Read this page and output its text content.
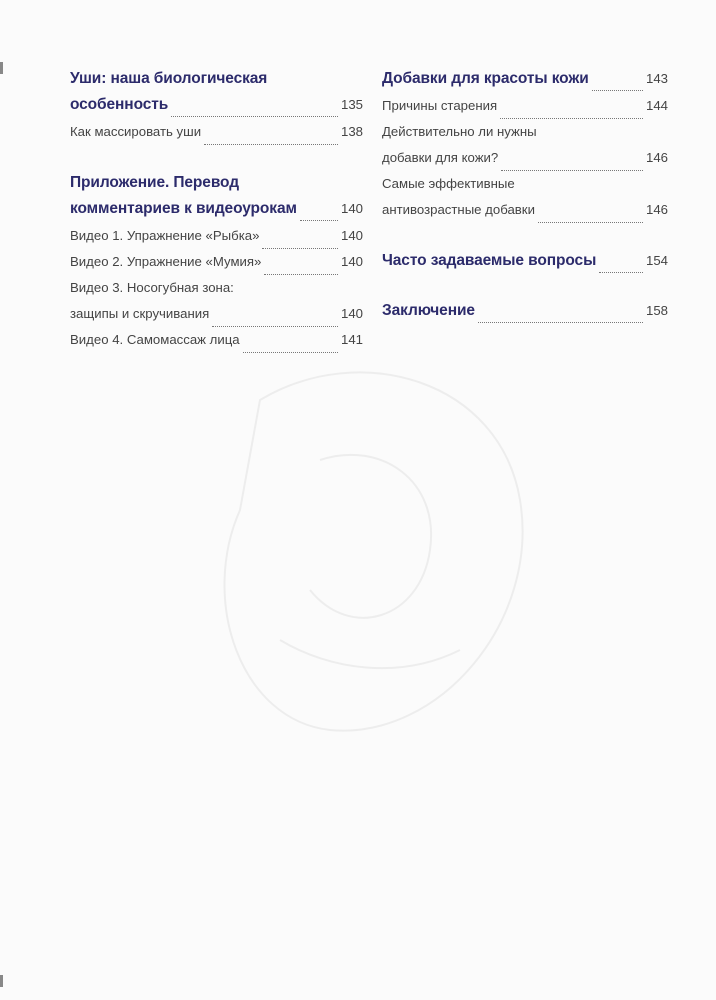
Уши: наша биологическая
особенность	135
Как массировать уши	138
Приложение. Перевод
комментариев к видеоурокам	140
Видео 1. Упражнение «Рыбка»	140
Видео 2. Упражнение «Мумия»	140
Видео 3. Носогубная зона:
защипы и скручивания	140
Видео 4. Самомассаж лица	141
Добавки для красоты кожи	143
Причины старения	144
Действительно ли нужны
добавки для кожи?	146
Самые эффективные
антивозрастные добавки	146
Часто задаваемые вопросы	154
Заключение	158
